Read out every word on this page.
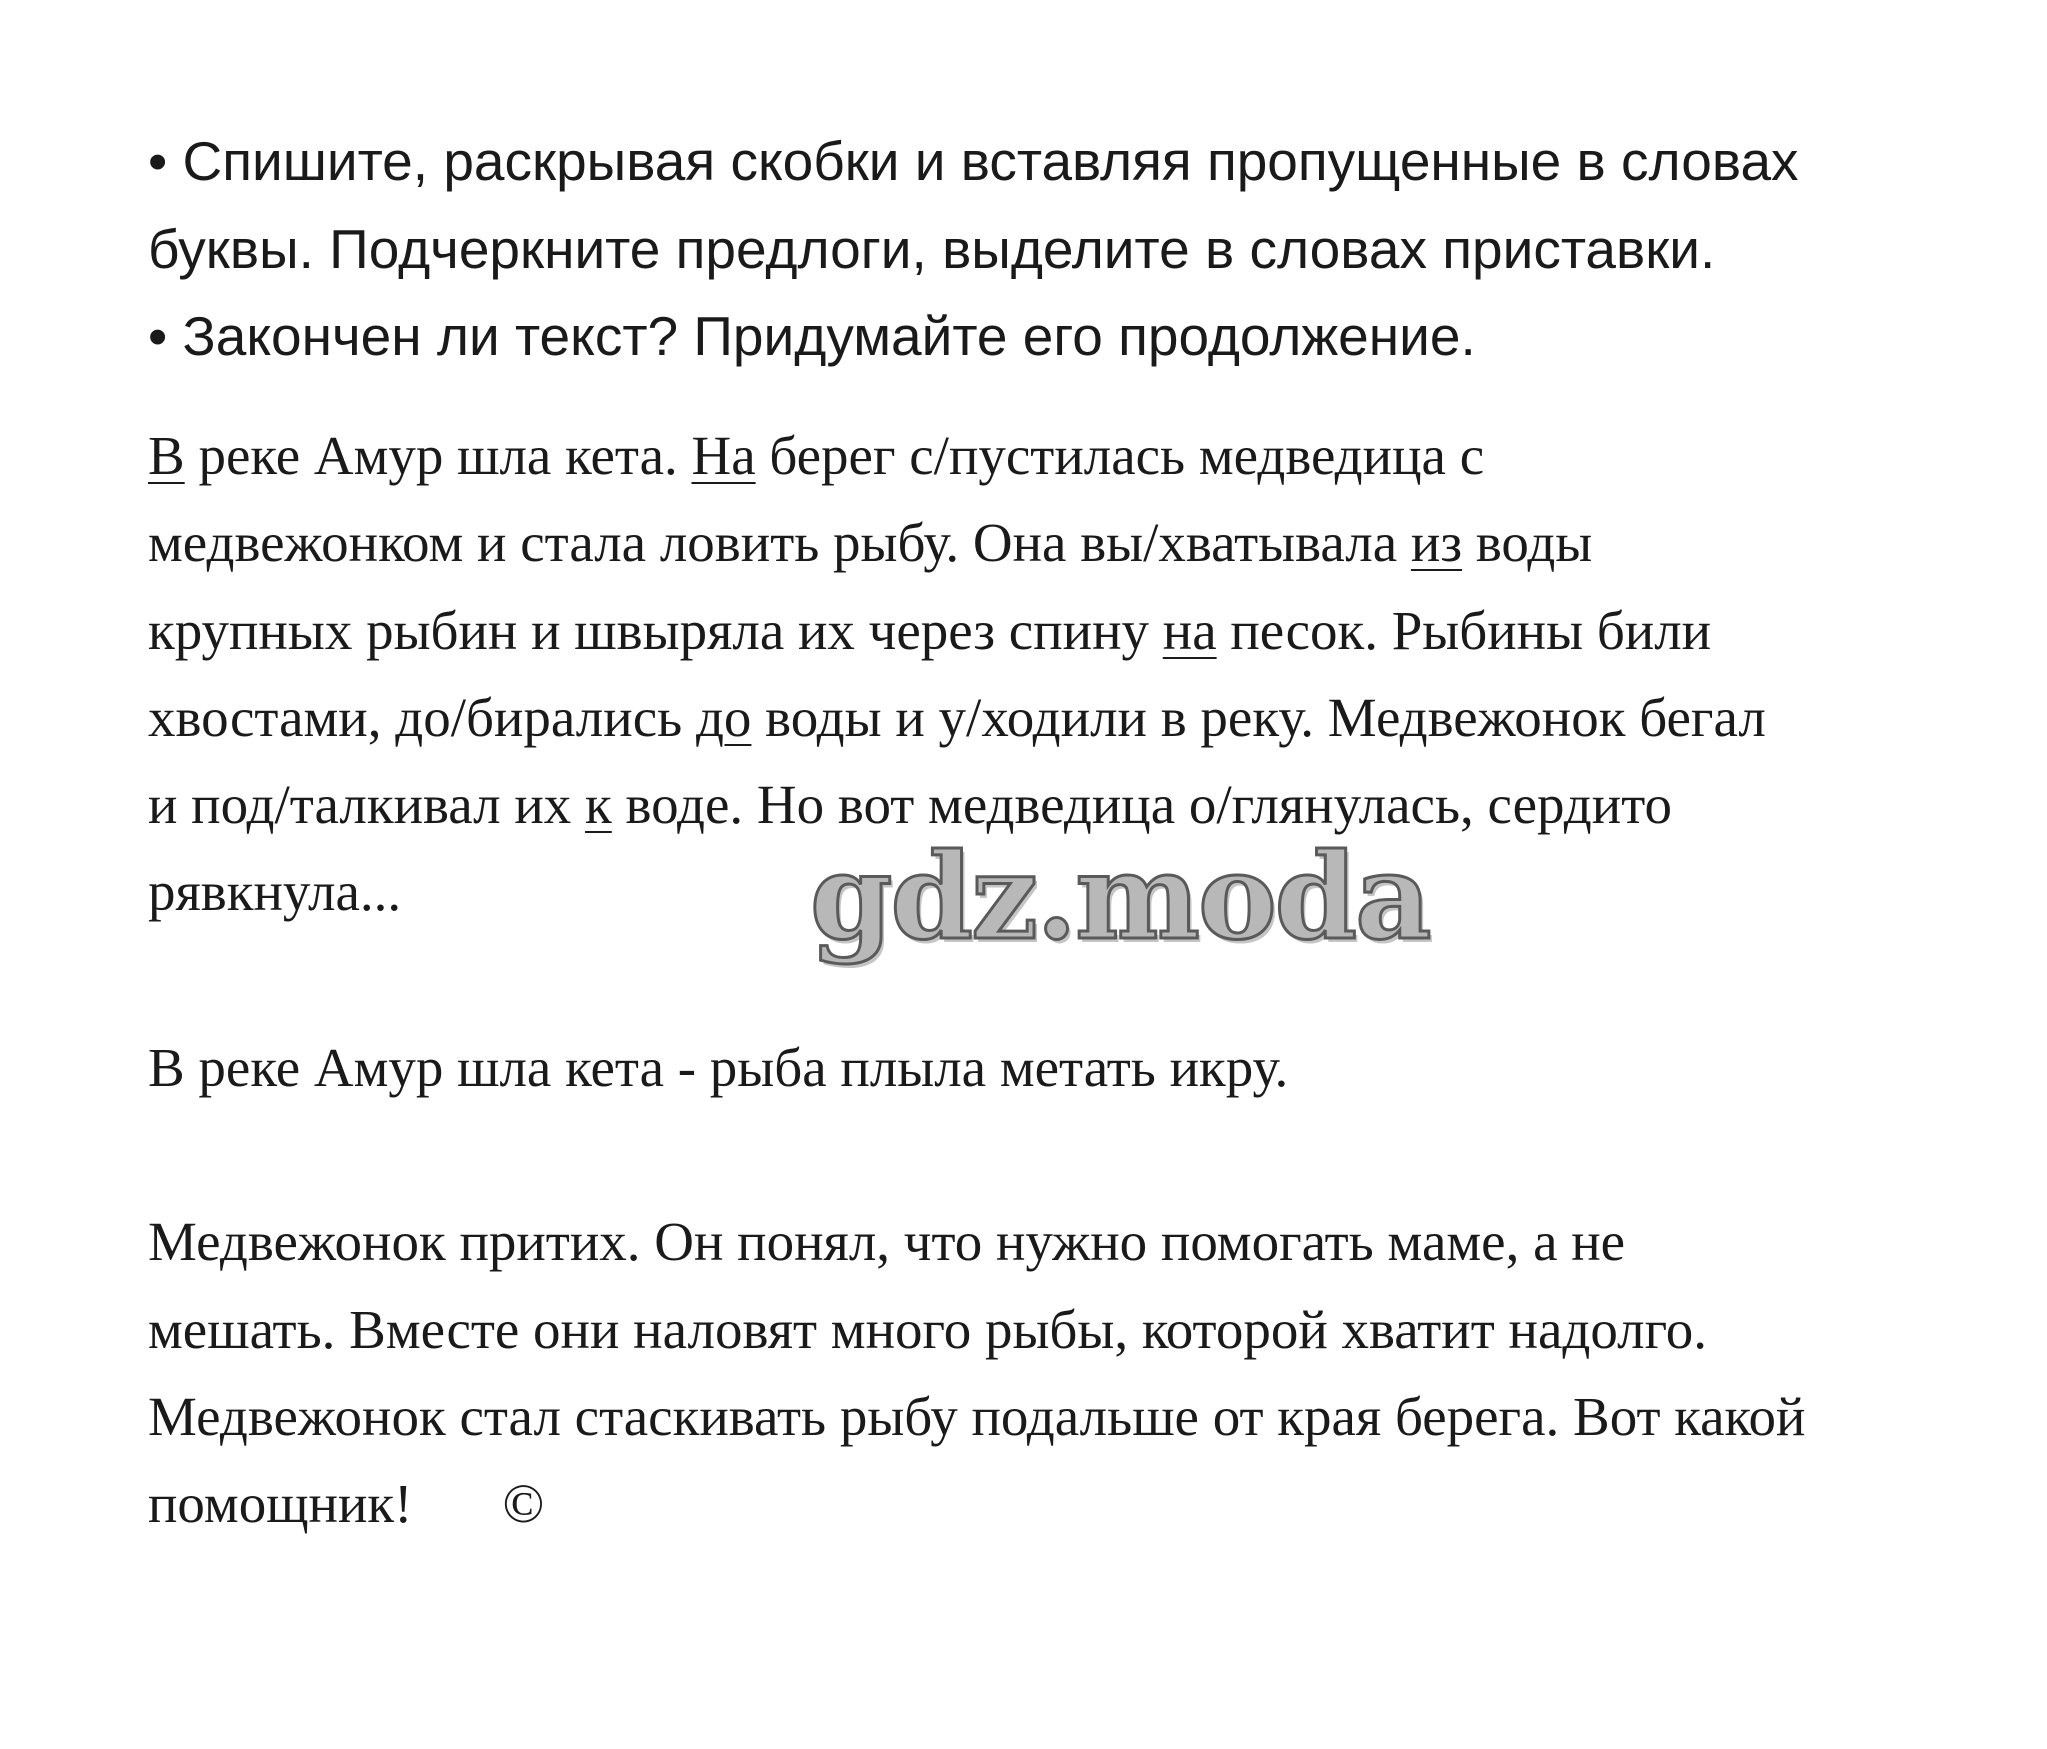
• Спишите, раскрывая скобки и вставляя пропущенные в словах
буквы. Подчеркните предлоги, выделите в словах приставки.
• Закончен ли текст? Придумайте его продолжение.
В реке Амур шла кета. На берег с/пустилась медведица с
медвежонком и стала ловить рыбу. Она вы/хватывала из воды
крупных рыбин и швыряла их через спину на песок. Рыбины били
хвостами, до/бирались до воды и у/ходили в реку. Медвежонок бегал
и под/талкивал их к воде. Но вот медведица о/глянулась, сердито
рявкнула...	gdz.moda
В реке Амур шла кета - рыба плыла метать икру.
Медвежонок притих. Он понял, что нужно помогать маме, а не
мешать. Вместе они наловят много рыбы, которой хватит надолго.
Медвежонок стал стаскивать рыбу подальше от края берега. Вот какой
помощник! ©
